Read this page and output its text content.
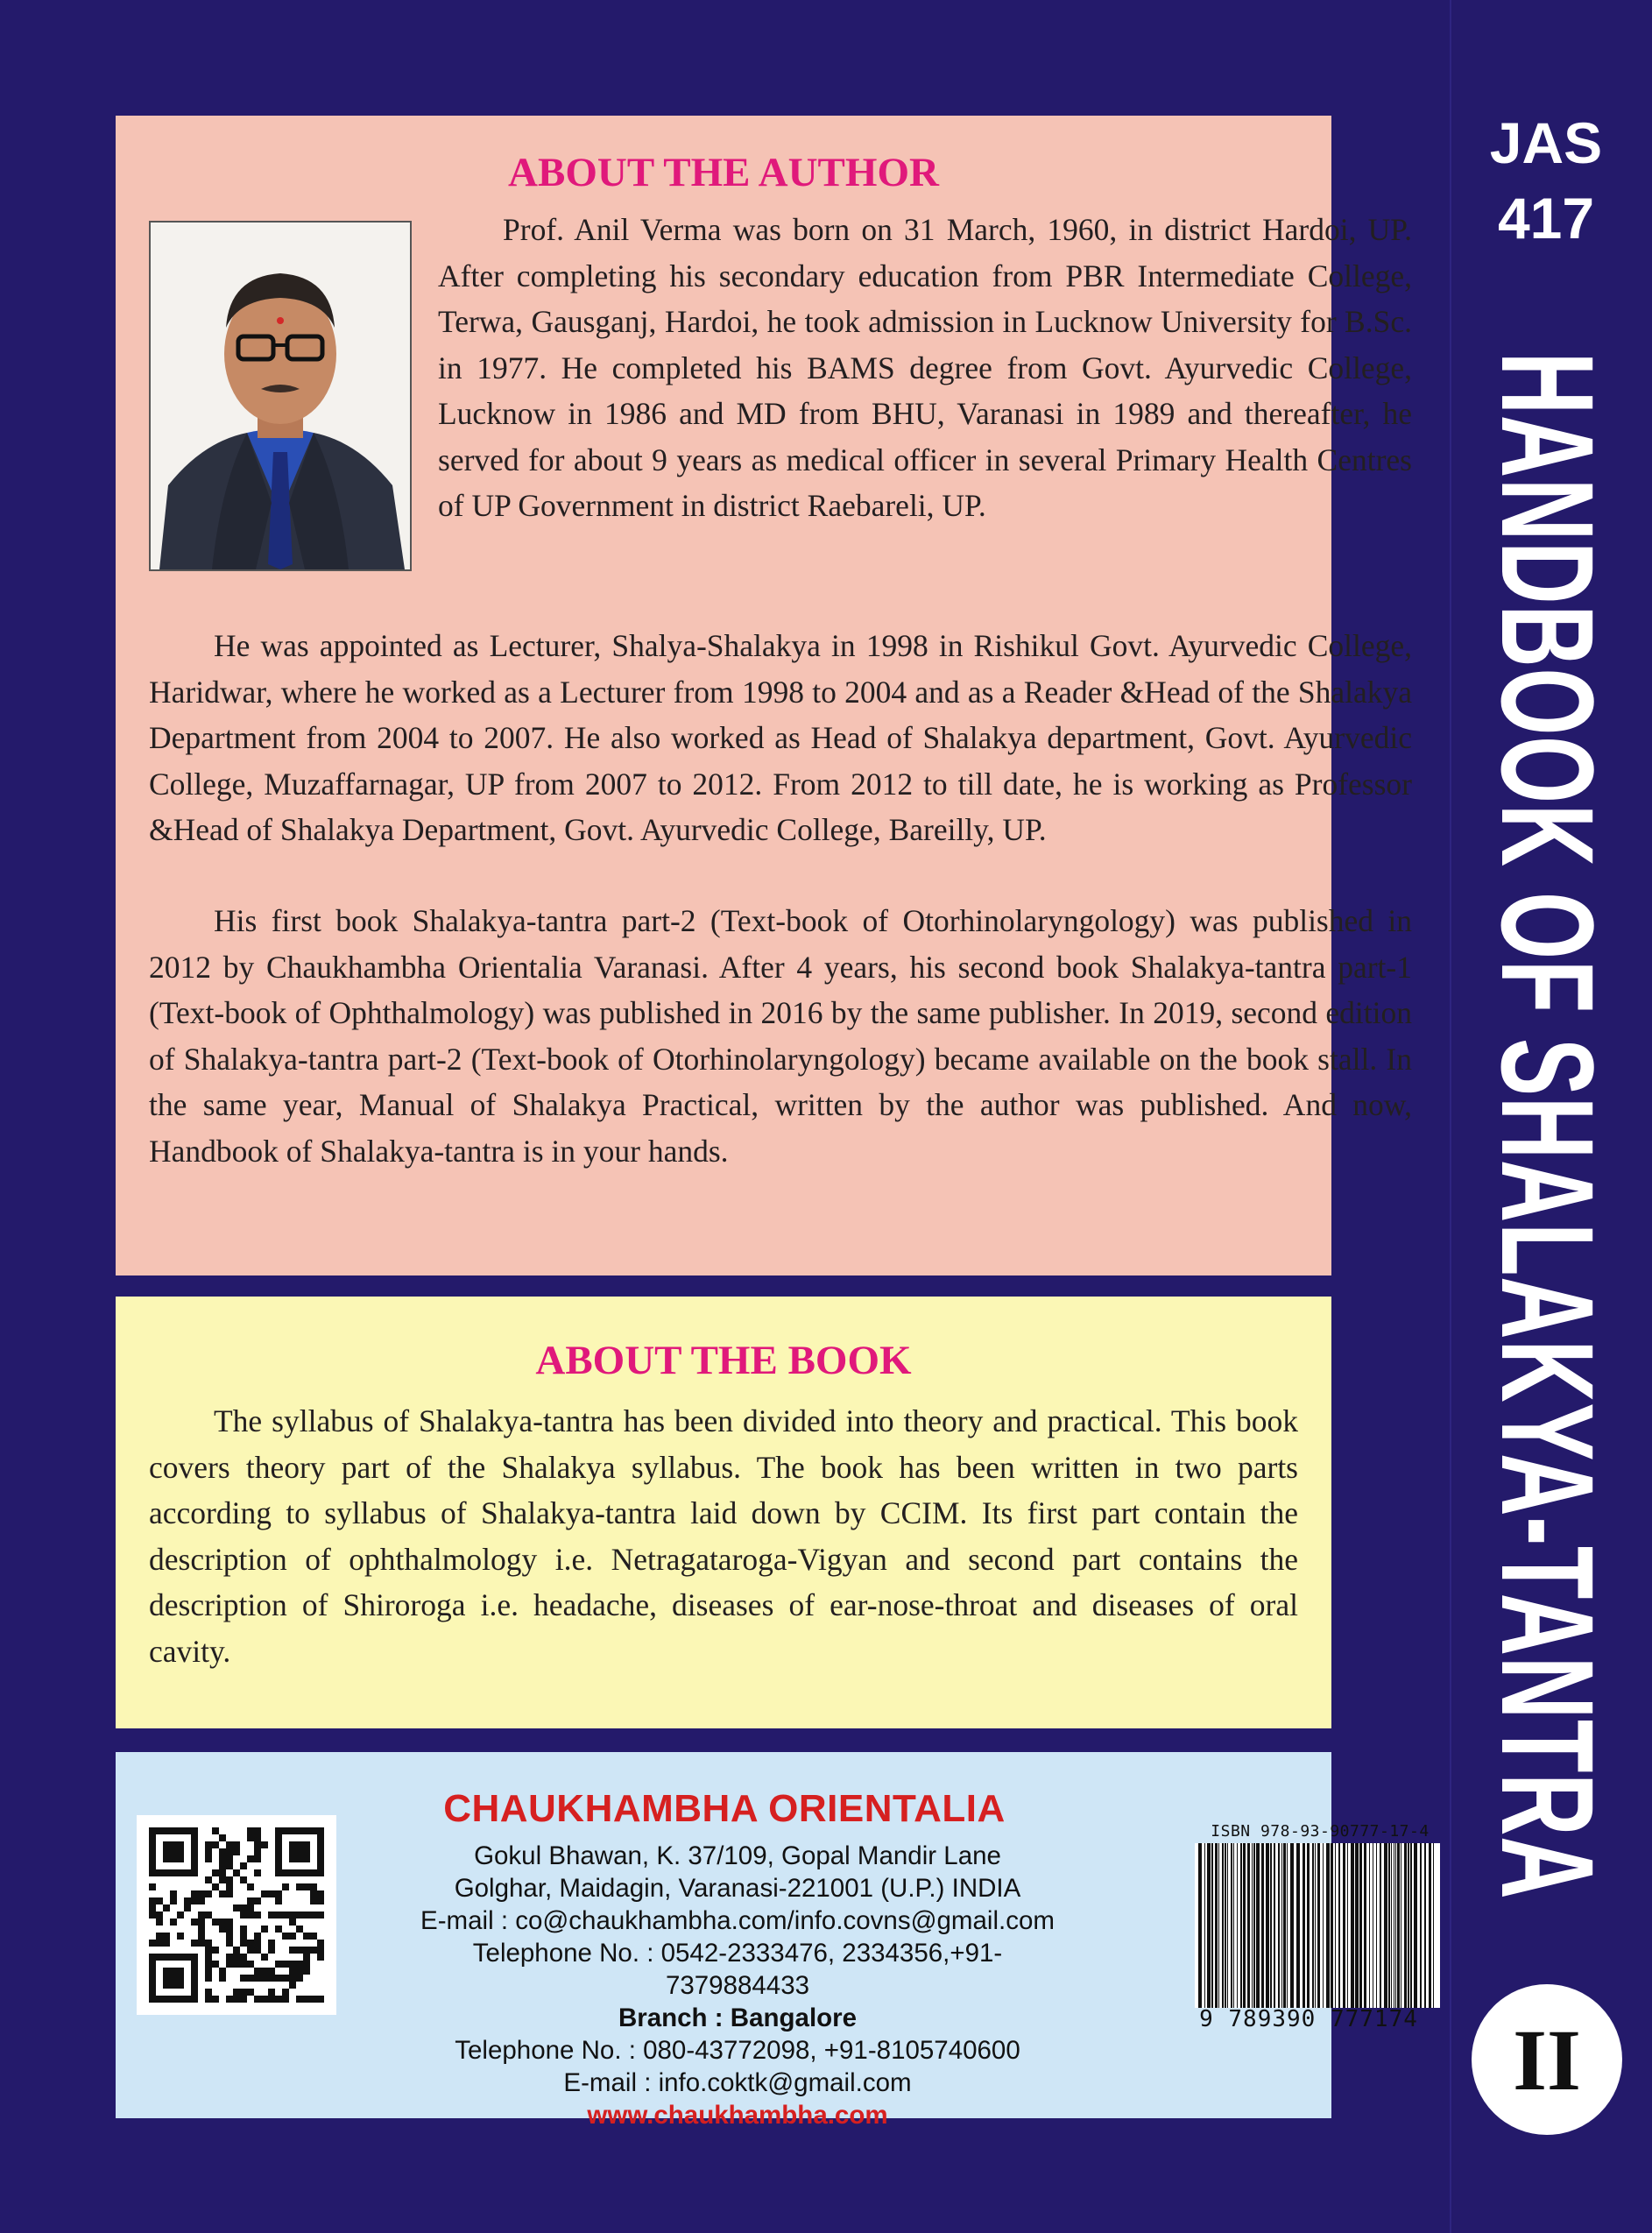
JAS
417
HANDBOOK OF SHALAKYA-TANTRA
II
ABOUT THE AUTHOR

Prof. Anil Verma was born on 31 March, 1960, in district Hardoi, UP. After completing his secondary education from PBR Intermediate College, Terwa, Gausganj, Hardoi, he took admission in Lucknow University for B.Sc. in 1977. He completed his BAMS degree from Govt. Ayurvedic College, Lucknow in 1986 and MD from BHU, Varanasi in 1989 and thereafter, he served for about 9 years as medical officer in several Primary Health Centres of UP Government in district Raebareli, UP.

He was appointed as Lecturer, Shalya-Shalakya in 1998 in Rishikul Govt. Ayurvedic College, Haridwar, where he worked as a Lecturer from 1998 to 2004 and as a Reader &Head of the Shalakya Department from 2004 to 2007. He also worked as Head of Shalakya department, Govt. Ayurvedic College, Muzaffarnagar, UP from 2007 to 2012. From 2012 to till date, he is working as Professor &Head of Shalakya Department, Govt. Ayurvedic College, Bareilly, UP.

His first book Shalakya-tantra part-2 (Text-book of Otorhinolaryngology) was published in 2012 by Chaukhambha Orientalia Varanasi. After 4 years, his second book Shalakya-tantra part-1 (Text-book of Ophthalmology) was published in 2016 by the same publisher. In 2019, second edition of Shalakya-tantra part-2 (Text-book of Otorhinolaryngology) became available on the book stall. In the same year, Manual of Shalakya Practical, written by the author was published. And now, Handbook of Shalakya-tantra is in your hands.

ABOUT THE BOOK

The syllabus of Shalakya-tantra has been divided into theory and practical. This book covers theory part of the Shalakya syllabus. The book has been written in two parts according to syllabus of Shalakya-tantra laid down by CCIM. Its first part contain the description of ophthalmology i.e. Netragataroga-Vigyan and second part contains the description of Shiroroga i.e. headache, diseases of ear-nose-throat and diseases of oral cavity.

CHAUKHAMBHA ORIENTALIA
Gokul Bhawan, K. 37/109, Gopal Mandir Lane
Golghar, Maidagin, Varanasi-221001 (U.P.) INDIA
E-mail : co@chaukhambha.com/info.covns@gmail.com
Telephone No. : 0542-2333476, 2334356,+91-7379884433
Branch : Bangalore
Telephone No. : 080-43772098, +91-8105740600
E-mail : info.coktk@gmail.com
www.chaukhambha.com
ISBN 978-93-90777-17-4
9 789390 777174
